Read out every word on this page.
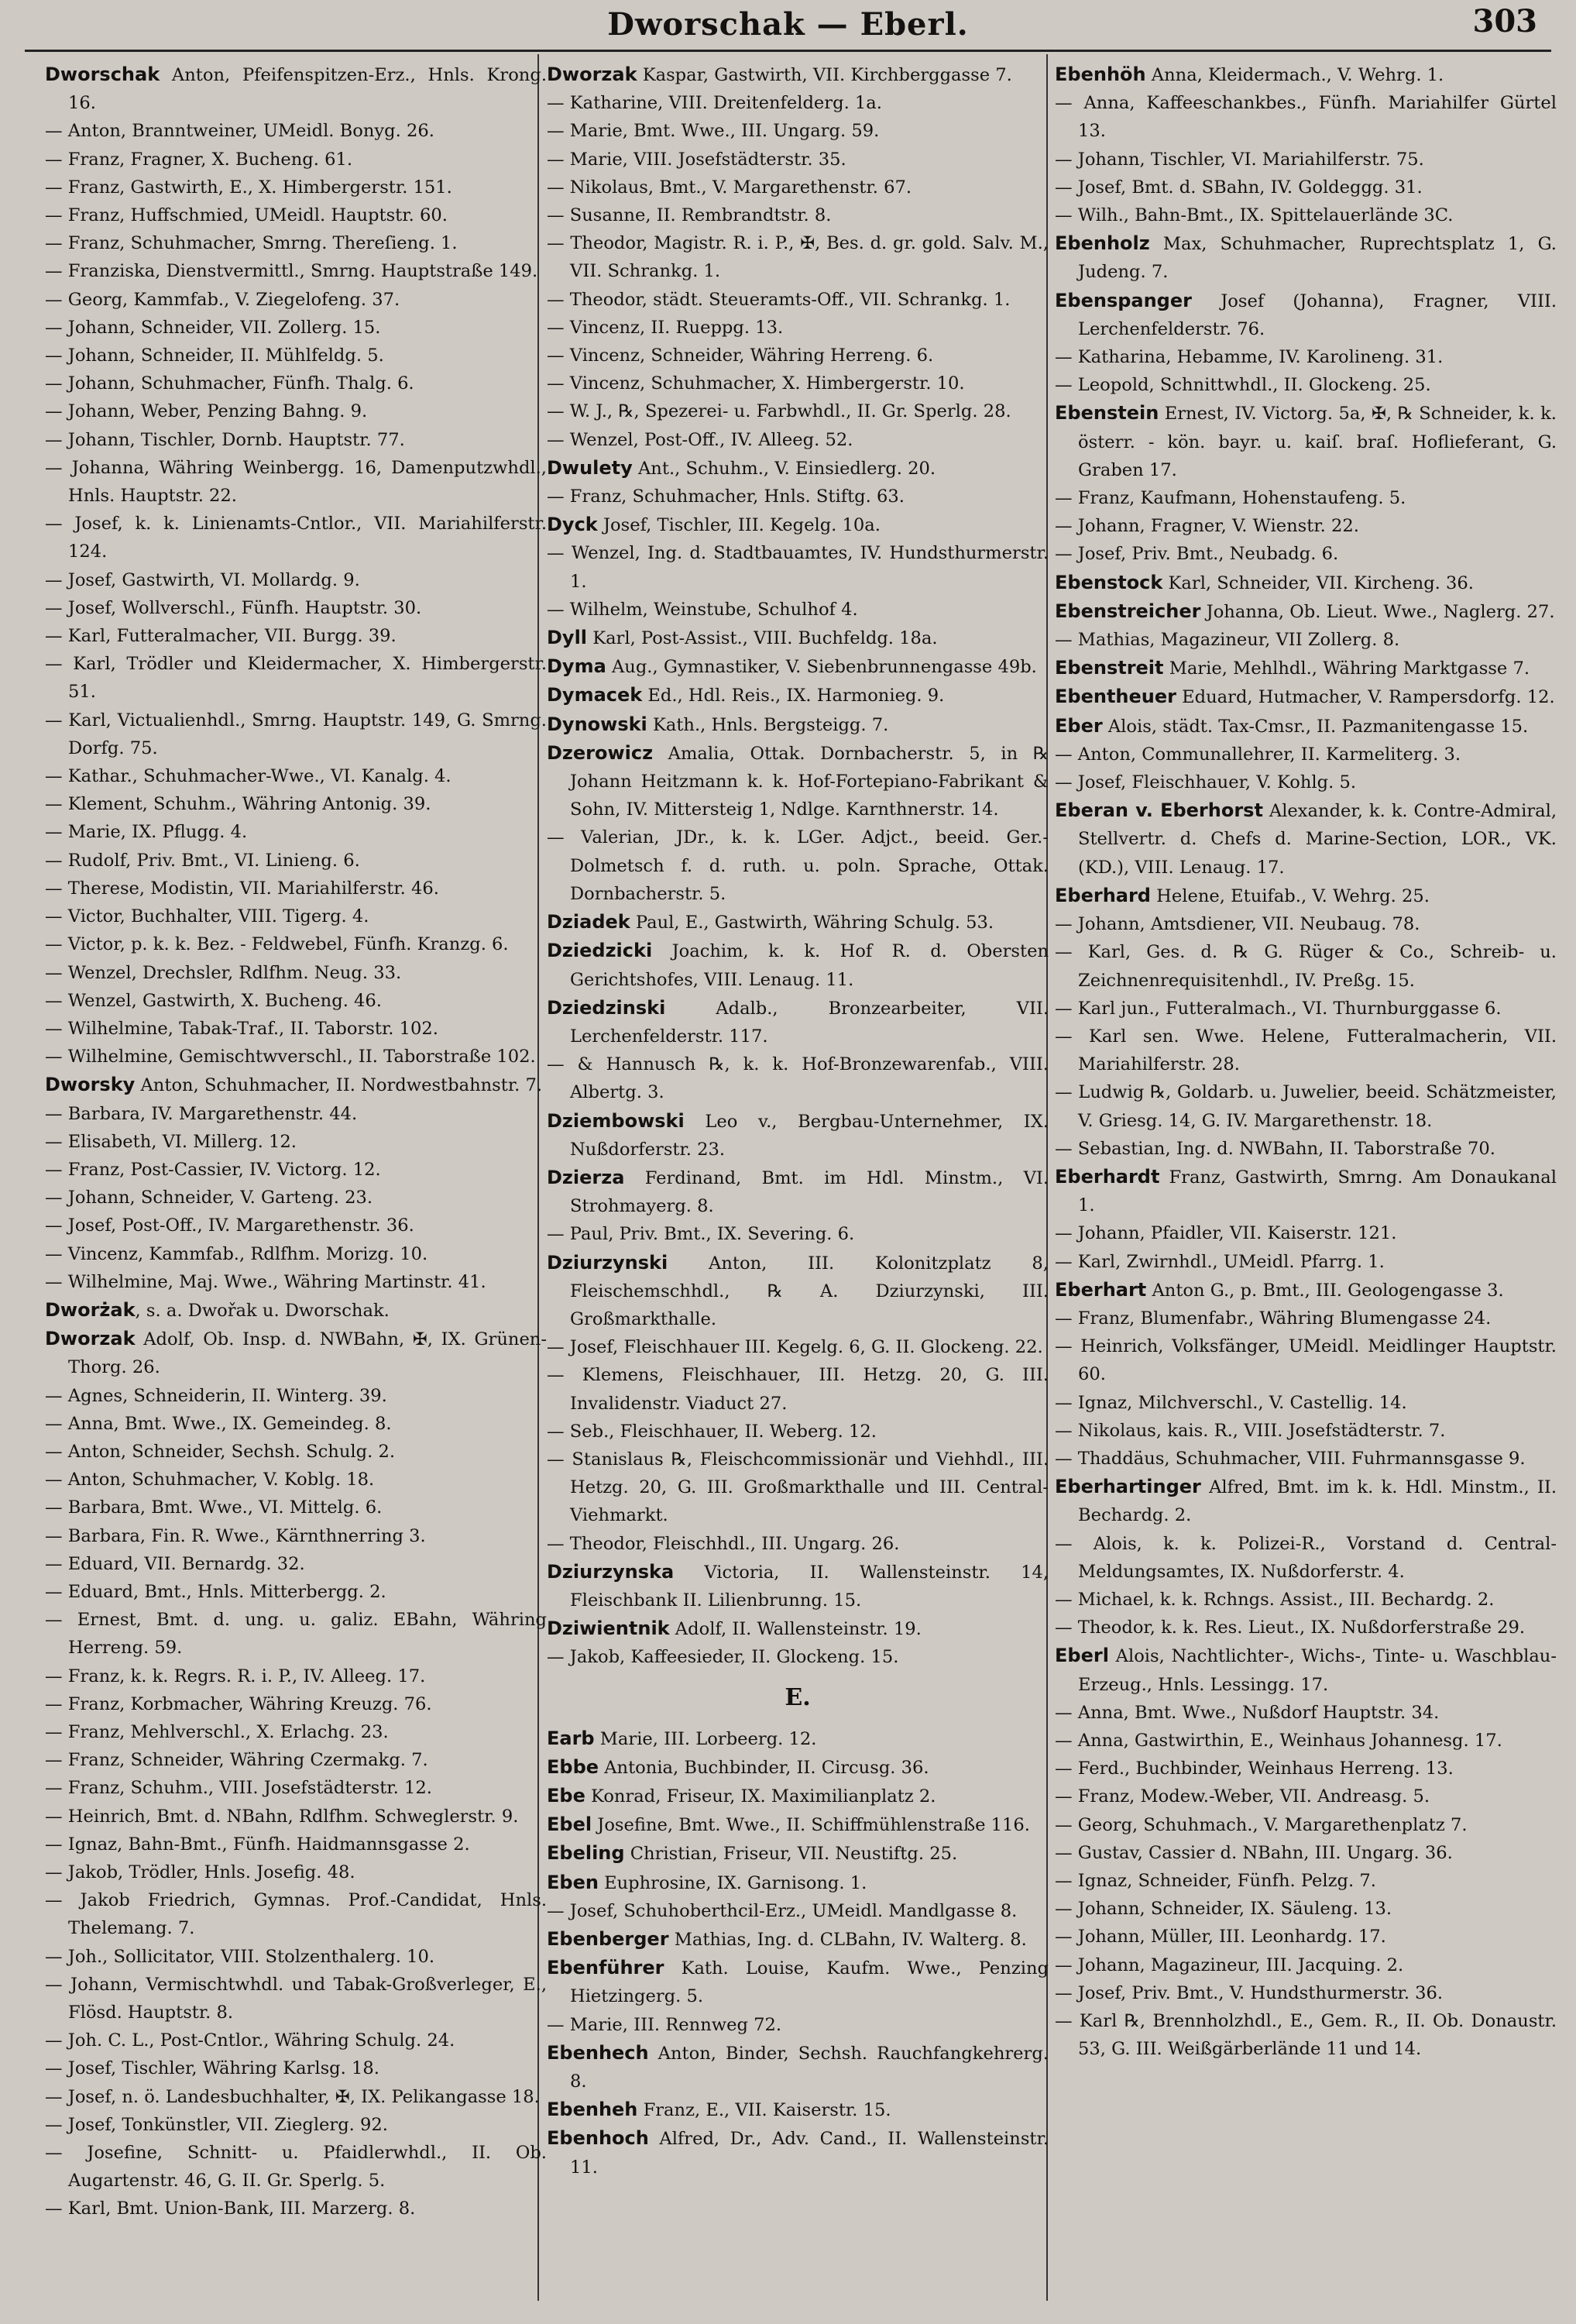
Dworschak — Eberl.	303

Dworschak Anton, Pfeifenspitzen-Erz., Hnls. Krong. 16.

— Anton, Branntweiner, UMeidl. Bonyg. 26.

— Franz, Fragner, X. Bucheng. 61.

— Franz, Gastwirth, E., X. Himbergerstr. 151.

— Franz, Huffschmied, UMeidl. Hauptstr. 60.

— Franz, Schuhmacher, Smrng. Thereſieng. 1.

— Franziska, Dienstvermittl., Smrng. Hauptstraße 149.

— Georg, Kammfab., V. Ziegelofeng. 37.

— Johann, Schneider, VII. Zollerg. 15.

— Johann, Schneider, II. Mühlfeldg. 5.

— Johann, Schuhmacher, Fünfh. Thalg. 6.

— Johann, Weber, Penzing Bahng. 9.

— Johann, Tischler, Dornb. Hauptstr. 77.

— Johanna, Währing Weinbergg. 16, Damenputzwhdl., Hnls. Hauptstr. 22.

— Josef, k. k. Linienamts-Cntlor., VII. Mariahilferstr. 124.

— Josef, Gastwirth, VI. Mollardg. 9.

— Josef, Wollverschl., Fünfh. Hauptstr. 30.

— Karl, Futteralmacher, VII. Burgg. 39.

— Karl, Trödler und Kleidermacher, X. Himbergerstr. 51.

— Karl, Victualienhdl., Smrng. Hauptstr. 149, G. Smrng. Dorfg. 75.

— Kathar., Schuhmacher-Wwe., VI. Kanalg. 4.

— Klement, Schuhm., Währing Antonig. 39.

— Marie, IX. Pflugg. 4.

— Rudolf, Priv. Bmt., VI. Linieng. 6.

— Therese, Modistin, VII. Mariahilferstr. 46.

— Victor, Buchhalter, VIII. Tigerg. 4.

— Victor, p. k. k. Bez. - Feldwebel, Fünfh. Kranzg. 6.

— Wenzel, Drechsler, Rdlfhm. Neug. 33.

— Wenzel, Gastwirth, X. Bucheng. 46.

— Wilhelmine, Tabak-Traf., II. Taborstr. 102.

— Wilhelmine, Gemischtwverschl., II. Taborstraße 102.

Dworsky Anton, Schuhmacher, II. Nordwestbahnstr. 7.

— Barbara, IV. Margarethenstr. 44.

— Elisabeth, VI. Millerg. 12.

— Franz, Post-Cassier, IV. Victorg. 12.

— Johann, Schneider, V. Garteng. 23.

— Josef, Post-Off., IV. Margarethenstr. 36.

— Vincenz, Kammfab., Rdlfhm. Morizg. 10.

— Wilhelmine, Maj. Wwe., Währing Martinstr. 41.

Dworżak, s. a. Dwořak u. Dworschak.

Dworzak Adolf, Ob. Insp. d. NWBahn, ✠, IX. Grünen-Thorg. 26.

— Agnes, Schneiderin, II. Winterg. 39.

— Anna, Bmt. Wwe., IX. Gemeindeg. 8.

— Anton, Schneider, Sechsh. Schulg. 2.

— Anton, Schuhmacher, V. Koblg. 18.

— Barbara, Bmt. Wwe., VI. Mittelg. 6.

— Barbara, Fin. R. Wwe., Kärnthnerring 3.

— Eduard, VII. Bernardg. 32.

— Eduard, Bmt., Hnls. Mitterbergg. 2.

— Ernest, Bmt. d. ung. u. galiz. EBahn, Währing Herreng. 59.

— Franz, k. k. Regrs. R. i. P., IV. Alleeg. 17.

— Franz, Korbmacher, Währing Kreuzg. 76.

— Franz, Mehlverschl., X. Erlachg. 23.

— Franz, Schneider, Währing Czermakg. 7.

— Franz, Schuhm., VIII. Josefstädterstr. 12.

— Heinrich, Bmt. d. NBahn, Rdlfhm. Schweglerstr. 9.

— Ignaz, Bahn-Bmt., Fünfh. Haidmannsgasse 2.

— Jakob, Trödler, Hnls. Josefig. 48.

— Jakob Friedrich, Gymnas. Prof.-Candidat, Hnls. Thelemang. 7.

— Joh., Sollicitator, VIII. Stolzenthalerg. 10.

— Johann, Vermischtwhdl. und Tabak-Großverleger, E., Flösd. Hauptstr. 8.

— Joh. C. L., Post-Cntlor., Währing Schulg. 24.

— Josef, Tischler, Währing Karlsg. 18.

— Josef, n. ö. Landesbuchhalter, ✠, IX. Pelikangasse 18.

— Josef, Tonkünstler, VII. Zieglerg. 92.

— Josefine, Schnitt- u. Pfaidlerwhdl., II. Ob. Augartenstr. 46, G. II. Gr. Sperlg. 5.

— Karl, Bmt. Union-Bank, III. Marzerg. 8.

Dworzak Kaspar, Gastwirth, VII. Kirchberggasse 7.

— Katharine, VIII. Dreitenfelderg. 1a.

— Marie, Bmt. Wwe., III. Ungarg. 59.

— Marie, VIII. Josefstädterstr. 35.

— Nikolaus, Bmt., V. Margarethenstr. 67.

— Susanne, II. Rembrandtstr. 8.

— Theodor, Magistr. R. i. P., ✠, Bes. d. gr. gold. Salv. M., VII. Schrankg. 1.

— Theodor, städt. Steueramts-Off., VII. Schrankg. 1.

— Vincenz, II. Rueppg. 13.

— Vincenz, Schneider, Währing Herreng. 6.

— Vincenz, Schuhmacher, X. Himbergerstr. 10.

— W. J., ℞, Spezerei- u. Farbwhdl., II. Gr. Sperlg. 28.

— Wenzel, Post-Off., IV. Alleeg. 52.

Dwulety Ant., Schuhm., V. Einsiedlerg. 20.

— Franz, Schuhmacher, Hnls. Stiftg. 63.

Dyck Josef, Tischler, III. Kegelg. 10a.

— Wenzel, Ing. d. Stadtbauamtes, IV. Hundsthurmerstr. 1.

— Wilhelm, Weinstube, Schulhof 4.

Dyll Karl, Post-Assist., VIII. Buchfeldg. 18a.

Dyma Aug., Gymnastiker, V. Siebenbrunnengasse 49b.

Dymacek Ed., Hdl. Reis., IX. Harmonieg. 9.

Dynowski Kath., Hnls. Bergsteigg. 7.

Dzerowicz Amalia, Ottak. Dornbacherstr. 5, in ℞ Johann Heitzmann k. k. Hof-Fortepiano-Fabrikant & Sohn, IV. Mittersteig 1, Ndlge. Karnthnerstr. 14.

— Valerian, JDr., k. k. LGer. Adjct., beeid. Ger.-Dolmetsch f. d. ruth. u. poln. Sprache, Ottak. Dornbacherstr. 5.

Dziadek Paul, E., Gastwirth, Währing Schulg. 53.

Dziedzicki Joachim, k. k. Hof R. d. Obersten Gerichtshofes, VIII. Lenaug. 11.

Dziedzinski Adalb., Bronzearbeiter, VII. Lerchenfelderstr. 117.

— & Hannusch ℞, k. k. Hof-Bronzewarenfab., VIII. Albertg. 3.

Dziembowski Leo v., Bergbau-Unternehmer, IX. Nußdorferstr. 23.

Dzierza Ferdinand, Bmt. im Hdl. Minstm., VI. Strohmayerg. 8.

— Paul, Priv. Bmt., IX. Severing. 6.

Dziurzynski Anton, III. Kolonitzplatz 8, Fleischemschhdl., ℞ A. Dziurzynski, III. Großmarkthalle.

— Josef, Fleischhauer III. Kegelg. 6, G. II. Glockeng. 22.

— Klemens, Fleischhauer, III. Hetzg. 20, G. III. Invalidenstr. Viaduct 27.

— Seb., Fleischhauer, II. Weberg. 12.

— Stanislaus ℞, Fleischcommissionär und Viehhdl., III. Hetzg. 20, G. III. Großmarkthalle und III. Central-Viehmarkt.

— Theodor, Fleischhdl., III. Ungarg. 26.

Dziurzynska Victoria, II. Wallensteinstr. 14, Fleischbank II. Lilienbrunng. 15.

Dziwientnik Adolf, II. Wallensteinstr. 19.

— Jakob, Kaffeesieder, II. Glockeng. 15.

E.

Earb Marie, III. Lorbeerg. 12.

Ebbe Antonia, Buchbinder, II. Circusg. 36.

Ebe Konrad, Friseur, IX. Maximilianplatz 2.

Ebel Josefine, Bmt. Wwe., II. Schiffmühlenstraße 116.

Ebeling Christian, Friseur, VII. Neustiftg. 25.

Eben Euphrosine, IX. Garnisong. 1.

— Josef, Schuhoberthcil-Erz., UMeidl. Mandlgasse 8.

Ebenberger Mathias, Ing. d. CLBahn, IV. Walterg. 8.

Ebenführer Kath. Louise, Kaufm. Wwe., Penzing Hietzingerg. 5.

— Marie, III. Rennweg 72.

Ebenhech Anton, Binder, Sechsh. Rauchfangkehrerg. 8.

Ebenheh Franz, E., VII. Kaiserstr. 15.

Ebenhoch Alfred, Dr., Adv. Cand., II. Wallensteinstr. 11.

Ebenhöh Anna, Kleidermach., V. Wehrg. 1.

— Anna, Kaffeeschankbes., Fünfh. Mariahilfer Gürtel 13.

— Johann, Tischler, VI. Mariahilferstr. 75.

— Josef, Bmt. d. SBahn, IV. Goldeggg. 31.

— Wilh., Bahn-Bmt., IX. Spittelauerlände 3C.

Ebenholz Max, Schuhmacher, Ruprechtsplatz 1, G. Judeng. 7.

Ebenspanger Josef (Johanna), Fragner, VIII. Lerchenfelderstr. 76.

— Katharina, Hebamme, IV. Karolineng. 31.

— Leopold, Schnittwhdl., II. Glockeng. 25.

Ebenstein Ernest, IV. Victorg. 5a, ✠, ℞ Schneider, k. k. österr. - kön. bayr. u. kaiſ. braſ. Hoflieferant, G. Graben 17.

— Franz, Kaufmann, Hohenstaufeng. 5.

— Johann, Fragner, V. Wienstr. 22.

— Josef, Priv. Bmt., Neubadg. 6.

Ebenstock Karl, Schneider, VII. Kircheng. 36.

Ebenstreicher Johanna, Ob. Lieut. Wwe., Naglerg. 27.

— Mathias, Magazineur, VII Zollerg. 8.

Ebenstreit Marie, Mehlhdl., Währing Marktgasse 7.

Ebentheuer Eduard, Hutmacher, V. Rampersdorfg. 12.

Eber Alois, städt. Tax-Cmsr., II. Pazmanitengasse 15.

— Anton, Communallehrer, II. Karmeliterg. 3.

— Josef, Fleischhauer, V. Kohlg. 5.

Eberan v. Eberhorst Alexander, k. k. Contre-Admiral, Stellvertr. d. Chefs d. Marine-Section, LOR., VK. (KD.), VIII. Lenaug. 17.

Eberhard Helene, Etuifab., V. Wehrg. 25.

— Johann, Amtsdiener, VII. Neubaug. 78.

— Karl, Ges. d. ℞ G. Rüger & Co., Schreib- u. Zeichnenrequisitenhdl., IV. Preßg. 15.

— Karl jun., Futteralmach., VI. Thurnburggasse 6.

— Karl sen. Wwe. Helene, Futteralmacherin, VII. Mariahilferstr. 28.

— Ludwig ℞, Goldarb. u. Juwelier, beeid. Schätzmeister, V. Griesg. 14, G. IV. Margarethenstr. 18.

— Sebastian, Ing. d. NWBahn, II. Taborstraße 70.

Eberhardt Franz, Gastwirth, Smrng. Am Donaukanal 1.

— Johann, Pfaidler, VII. Kaiserstr. 121.

— Karl, Zwirnhdl., UMeidl. Pfarrg. 1.

Eberhart Anton G., p. Bmt., III. Geologengasse 3.

— Franz, Blumenfabr., Währing Blumengasse 24.

— Heinrich, Volksfänger, UMeidl. Meidlinger Hauptstr. 60.

— Ignaz, Milchverschl., V. Castellig. 14.

— Nikolaus, kais. R., VIII. Josefstädterstr. 7.

— Thaddäus, Schuhmacher, VIII. Fuhrmannsgasse 9.

Eberhartinger Alfred, Bmt. im k. k. Hdl. Minstm., II. Bechardg. 2.

— Alois, k. k. Polizei-R., Vorstand d. Central-Meldungsamtes, IX. Nußdorferstr. 4.

— Michael, k. k. Rchngs. Assist., III. Bechardg. 2.

— Theodor, k. k. Res. Lieut., IX. Nußdorferstraße 29.

Eberl Alois, Nachtlichter-, Wichs-, Tinte- u. Waschblau-Erzeug., Hnls. Lessingg. 17.

— Anna, Bmt. Wwe., Nußdorf Hauptstr. 34.

— Anna, Gastwirthin, E., Weinhaus Johannesg. 17.

— Ferd., Buchbinder, Weinhaus Herreng. 13.

— Franz, Modew.-Weber, VII. Andreasg. 5.

— Georg, Schuhmach., V. Margarethenplatz 7.

— Gustav, Cassier d. NBahn, III. Ungarg. 36.

— Ignaz, Schneider, Fünfh. Pelzg. 7.

— Johann, Schneider, IX. Säuleng. 13.

— Johann, Müller, III. Leonhardg. 17.

— Johann, Magazineur, III. Jacquing. 2.

— Josef, Priv. Bmt., V. Hundsthurmerstr. 36.

— Karl ℞, Brennholzhdl., E., Gem. R., II. Ob. Donaustr. 53, G. III. Weißgärberlände 11 und 14.
